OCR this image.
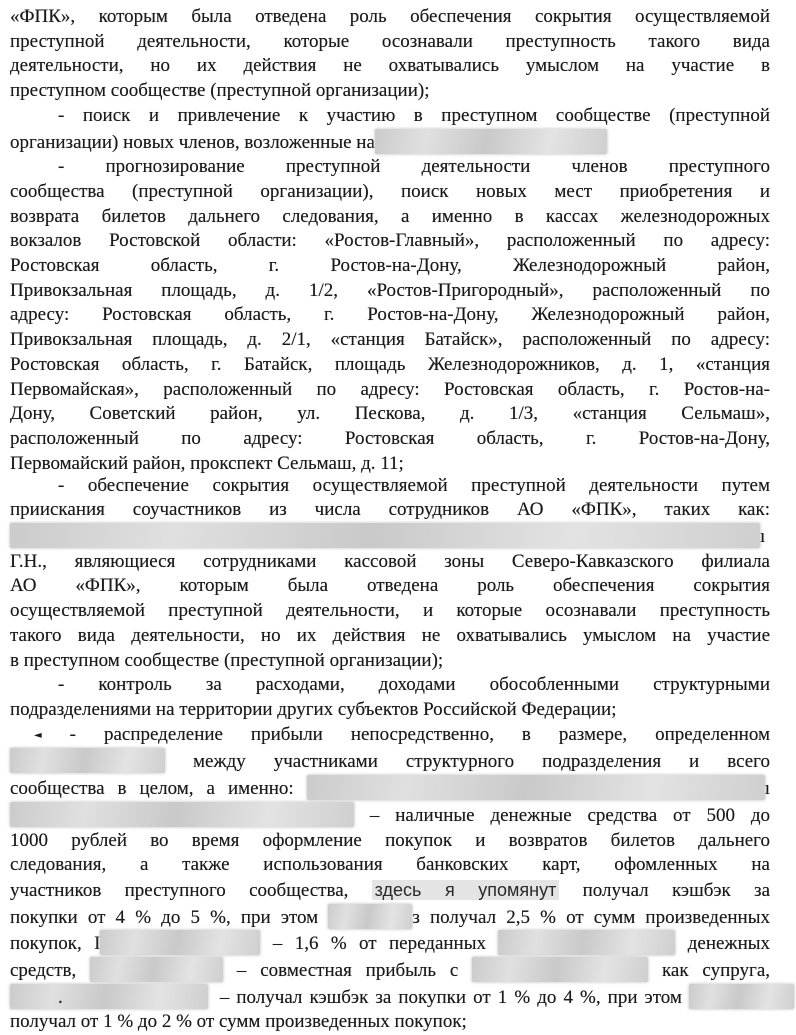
«ФПК», которым была отведена роль обеспечения сокрытия осуществляемой
преступной деятельности, которые осознавали преступность такого вида
деятельности, но их действия не охватывались умыслом на участие в
преступном сообществе (преступной организации);
- поиск и привлечение к участию в преступном сообществе (преступной
организации) новых членов, возложенные на
- прогнозирование преступной деятельности членов преступного
сообщества (преступной организации), поиск новых мест приобретения и
возврата билетов дальнего следования, а именно в кассах железнодорожных
вокзалов Ростовской области: «Ростов-Главный», расположенный по адресу:
Ростовская область, г. Ростов-на-Дону, Железнодорожный район,
Привокзальная площадь, д. 1/2, «Ростов-Пригородный», расположенный по
адресу: Ростовская область, г. Ростов-на-Дону, Железнодорожный район,
Привокзальная площадь, д. 2/1, «станция Батайск», расположенный по адресу:
Ростовская область, г. Батайск, площадь Железнодорожников, д. 1, «станция
Первомайская», расположенный по адресу: Ростовская область, г. Ростов-на-
Дону, Советский район, ул. Пескова, д. 1/3, «станция Сельмаш»,
расположенный по адресу: Ростовская область, г. Ростов-на-Дону,
Первомайский район, прокспект Сельмаш, д. 11;
- обеспечение сокрытия осуществляемой преступной деятельности путем
приискания соучастников из числа сотрудников АО «ФПК», таких как:
ı
Г.Н., являющиеся сотрудниками кассовой зоны Северо-Кавказского филиала
АО «ФПК», которым была отведена роль обеспечения сокрытия
осуществляемой преступной деятельности, и которые осознавали преступность
такого вида деятельности, но их действия не охватывались умыслом на участие
в преступном сообществе (преступной организации);
- контроль за расходами, доходами обособленными структурными
подразделениями на территории других субъектов Российской Федерации;
◄ - распределение прибыли непосредственно, в размере, определенном
между участниками структурного подразделения и всего
сообщества в целом, а именно:	ı
– наличные денежные средства от 500 до
1000 рублей во время оформление покупок и возвратов билетов дальнего
следования, а также использования банковских карт, офомленных на
участников преступного сообщества, здесь я упомянут получал кэшбэк за
покупки от 4 % до 5 %, при этом	з получал 2,5 % от сумм произведенных
покупок, I	– 1,6 % от переданных	денежных
средств,	– совместная прибыль с	как супруга,
.	– получал кэшбэк за покупки от 1 % до 4 %, при этом
получал от 1 % до 2 % от сумм произведенных покупок;
